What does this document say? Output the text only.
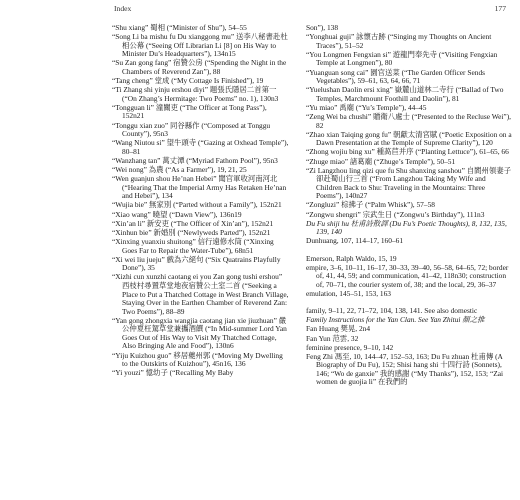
Index	177
“Shu xiang” 蜀相 (“Minister of Shu”), 54–55
“Song Li ba mishu fu Du xianggong mu” 送李八秘書赴杜相公幕 (“Seeing Off Librarian Li [8] on His Way to Minister Du’s Headquarters”), 134n15
“Su Zan gong fang” 宿贊公房 (“Spending the Night in the Chambers of Reverend Zan”), 88
“Tang cheng” 堂成 (“My Cottage Is Finished”), 19
“Ti Zhang shi yinju ershou diyi” 題張氏隱居二首第一 (“On Zhang’s Hermitage: Two Poems” no. 1), 130n3
“Tongguan li” 潼關吏 (“The Officer at Tong Pass”), 152n21
“Tonggu xian zuo” 同谷縣作 (“Composed at Tonggu County”), 95n3
“Wang Niutou si” 望牛頭寺 (“Gazing at Oxhead Temple”), 80–81
“Wanzhang tan” 萬丈潭 (“Myriad Fathom Pool”), 95n3
“Wei nong” 為農 (“As a Farmer”), 19, 21, 25
“Wen guanjun shou He’nan Hebei” 聞官軍收河南河北 (“Hearing That the Imperial Army Has Retaken He’nan and Hebei”), 134
“Wujia bie” 無家別 (“Parted without a Family”), 152n21
“Xiao wang” 曉望 (“Dawn View”), 136n19
“Xin’an li” 新安吏 (“The Officer of Xin’an”), 152n21
“Xinhun bie” 新婚別 (“Newlyweds Parted”), 152n21
“Xinxing yuanxiu shuitong” 信行遠修水筒 (“Xinxing Goes Far to Repair the Water-Tube”), 68n51
“Xi wei liu jueju” 戲為六絕句 (“Six Quatrains Playfully Done”), 35
“Xizhi cun xunzhi caotang ei you Zan gong tushi ershou” 西枝村尋置草堂地夜宿贊公土室二首 (“Seeking a Place to Put a Thatched Cottage in West Branch Village, Staying Over in the Earthen Chamber of Reverend Zan: Two Poems”), 88–89
“Yan gong zhongxia wangjia caotang jian xie jiuzhuan” 嚴公仲夏枉駕草堂兼攜酒饌 (“In Mid-summer Lord Yan Goes Out of His Way to Visit My Thatched Cottage, Also Bringing Ale and Food”), 130n6
“Yiju Kuizhou guo” 移居夔州郭 (“Moving My Dwelling to the Outskirts of Kuizhou”), 45n16, 136
“Yi youzi” 憶幼子 (“Recalling My Baby
Son”), 138
“Yonghuai guji” 詠懷古跡 (“Singing my Thoughts on Ancient Traces”), 51–52
“You Longmen Fengxian si” 遊龍門奉先寺 (“Visiting Fengxian Temple at Longmen”), 80
“Yuanguan song cai” 園官送菜 (“The Garden Officer Sends Vegetables”), 59–61, 63, 64, 66, 71
“Yuelushan Daolin ersi xing” 嶽麓山道林二寺行 (“Ballad of Two Temples, Marchmount Foothill and Daolin”), 81
“Yu miao” 禹廟 (“Yu’s Temple”), 44–45
“Zeng Wei ba chushi” 贈衛八處士 (“Presented to the Recluse Wei”), 82
“Zhao xian Taiqing gong fu” 朝獻太清宮賦 (“Poetic Exposition on a Dawn Presentation at the Temple of Supreme Clarity”), 120
“Zhong wojiu bing xu” 種萵苣并序 (“Planting Lettuce”), 61–65, 66
“Zhuge miao” 諸葛廟 (“Zhuge’s Temple”), 50–51
“Zi Langzhou ling qizi que fu Shu shanxing sanshou” 自閬州領妻子卻赴蜀山行三首 (“From Langzhou Taking My Wife and Children Back to Shu: Traveling in the Mountains: Three Poems”), 140n27
“Zongluzi” 棕拂子 (“Palm Whisk”), 57–58
“Zongwu shengri” 宗武生日 (“Zongwu’s Birthday”), 111n3
Du Fu shiji hu 杜甫詩散譯 (Du Fu’s Poetic Thoughts), 8, 132, 135, 139, 140
Dunhuang, 107, 114–17, 160–61
Emerson, Ralph Waldo, 15, 19
empire, 3–6, 10–11, 16–17, 30–33, 39–40, 56–58, 64–65, 72; border of, 41, 44, 59; and communication, 41–42, 118n30; construction of, 70–71, the courier system of, 38; and the local, 29, 36–37
emulation, 145–51, 153, 163
family, 9–11, 22, 71–72, 104, 138, 141. See also domestic
Family Instructions for the Yan Clan. See Yan Zhitui 顏之推
Fan Huang 樊晃, 2n4
Fan Yun 范雲, 32
feminine presence, 9–10, 142
Feng Zhi 馮至, 10, 144–47, 152–53, 163; Du Fu zhuan 杜甫傳 (A Biography of Du Fu), 152; Shisi hang shi 十四行詩 (Sonnets), 146; “Wo de ganxie” 我的感謝 (“My Thanks”), 152, 153; “Zai women de guojia li” 在我們的
